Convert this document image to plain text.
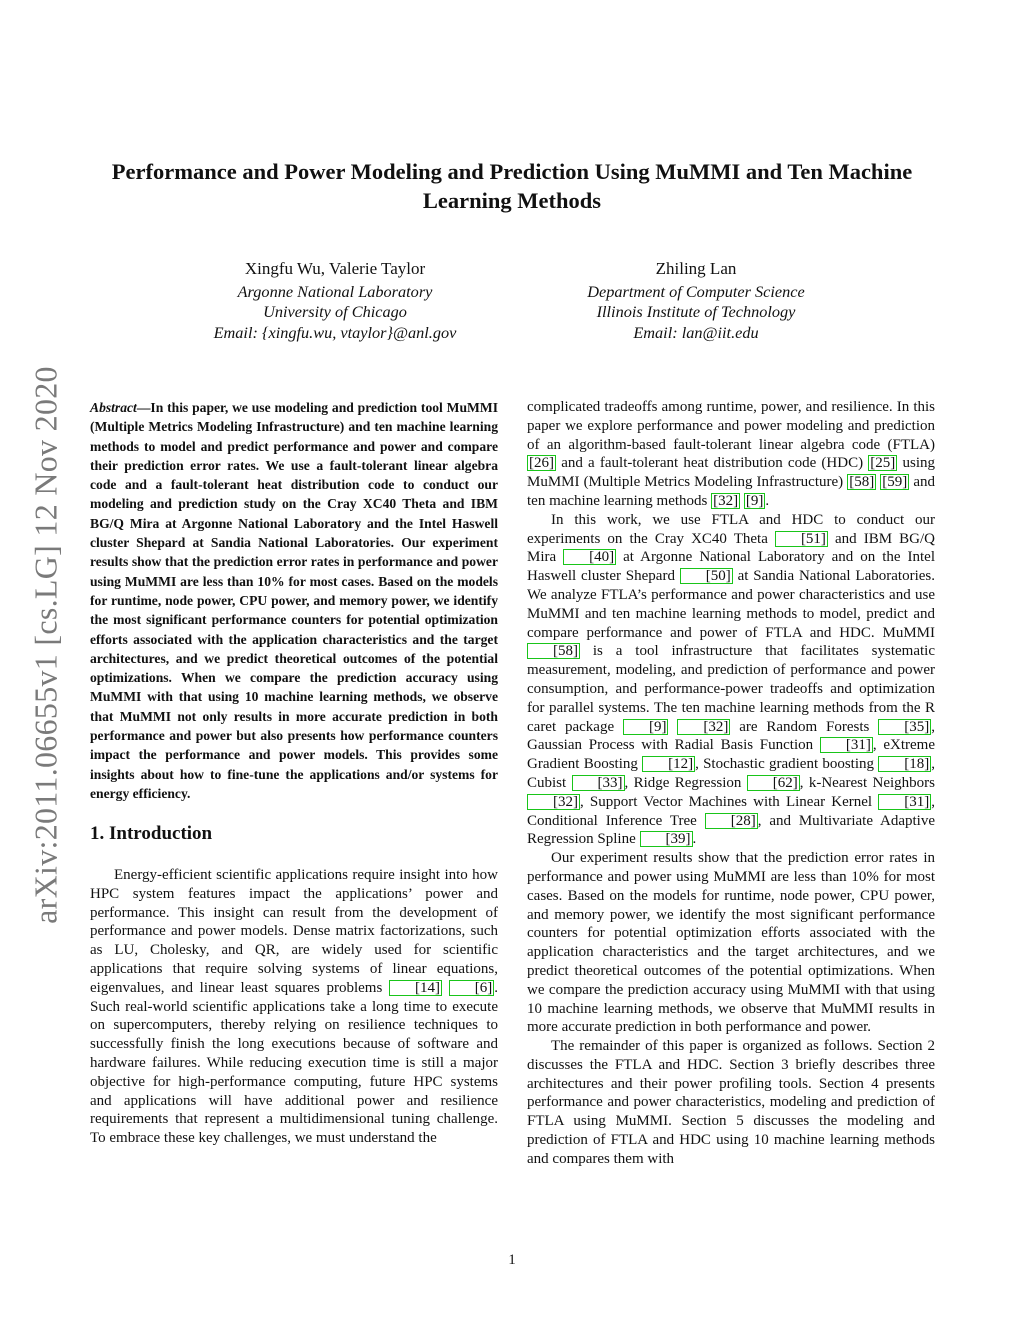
arXiv:2011.06655v1 [cs.LG] 12 Nov 2020
Performance and Power Modeling and Prediction Using MuMMI and Ten Machine
Learning Methods
Xingfu Wu, Valerie Taylor
Argonne National Laboratory
University of Chicago
Email: {xingfu.wu, vtaylor}@anl.gov
Zhiling Lan
Department of Computer Science
Illinois Institute of Technology
Email: lan@iit.edu

Abstract—In this paper, we use modeling and prediction tool MuMMI (Multiple Metrics Modeling Infrastructure) and ten machine learning methods to model and predict performance and power and compare their prediction error rates. We use a fault-tolerant linear algebra code and a fault-tolerant heat distribution code to conduct our modeling and prediction study on the Cray XC40 Theta and IBM BG/Q Mira at Argonne National Laboratory and the Intel Haswell cluster Shepard at Sandia National Laboratories. Our experiment results show that the prediction error rates in performance and power using MuMMI are less than 10% for most cases. Based on the models for runtime, node power, CPU power, and memory power, we identify the most significant performance counters for potential optimization efforts associated with the application characteristics and the target architectures, and we predict theoretical outcomes of the potential optimizations. When we compare the prediction accuracy using MuMMI with that using 10 machine learning methods, we observe that MuMMI not only results in more accurate prediction in both performance and power but also presents how performance counters impact the performance and power models. This provides some insights about how to fine-tune the applications and/or systems for energy efficiency.

1. Introduction

Energy-efficient scientific applications require insight into how HPC system features impact the applications’ power and performance. This insight can result from the development of performance and power models. Dense matrix factorizations, such as LU, Cholesky, and QR, are widely used for scientific applications that require solving systems of linear equations, eigenvalues, and linear least squares problems [14] [6] . Such real-world scientific applications take a long time to execute on supercomputers, thereby relying on resilience techniques to successfully finish the long executions because of software and hardware failures. While reducing execution time is still a major objective for high-performance computing, future HPC systems and applications will have additional power and resilience requirements that represent a multidimensional tuning challenge. To embrace these key challenges, we must understand the

complicated tradeoffs among runtime, power, and resilience. In this paper we explore performance and power modeling and prediction of an algorithm-based fault-tolerant linear algebra code (FTLA) [26] and a fault-tolerant heat distribution code (HDC) [25] using MuMMI (Multiple Metrics Modeling Infrastructure) [58] [59] and ten machine learning methods [32] [9] .

In this work, we use FTLA and HDC to conduct our experiments on the Cray XC40 Theta [51] and IBM BG/Q Mira [40] at Argonne National Laboratory and on the Intel Haswell cluster Shepard [50] at Sandia National Laboratories. We analyze FTLA’s performance and power characteristics and use MuMMI and ten machine learning methods to model, predict and compare performance and power of FTLA and HDC. MuMMI [58] is a tool infrastructure that facilitates systematic measurement, modeling, and prediction of performance and power consumption, and performance-power tradeoffs and optimization for parallel systems. The ten machine learning methods from the R caret package [9] [32] are Random Forests [35] , Gaussian Process with Radial Basis Function [31] , eXtreme Gradient Boosting [12] , Stochastic gradient boosting [18] , Cubist [33] , Ridge Regression [62] , k-Nearest Neighbors [32] , Support Vector Machines with Linear Kernel [31] , Conditional Inference Tree [28] , and Multivariate Adaptive Regression Spline [39] .

Our experiment results show that the prediction error rates in performance and power using MuMMI are less than 10% for most cases. Based on the models for runtime, node power, CPU power, and memory power, we identify the most significant performance counters for potential optimization efforts associated with the application characteristics and the target architectures, and we predict theoretical outcomes of the potential optimizations. When we compare the prediction accuracy using MuMMI with that using 10 machine learning methods, we observe that MuMMI results in more accurate prediction in both performance and power.

The remainder of this paper is organized as follows. Section 2 discusses the FTLA and HDC. Section 3 briefly describes three architectures and their power profiling tools. Section 4 presents performance and power characteristics, modeling and prediction of FTLA using MuMMI. Section 5 discusses the modeling and prediction of FTLA and HDC using 10 machine learning methods and compares them with

1
